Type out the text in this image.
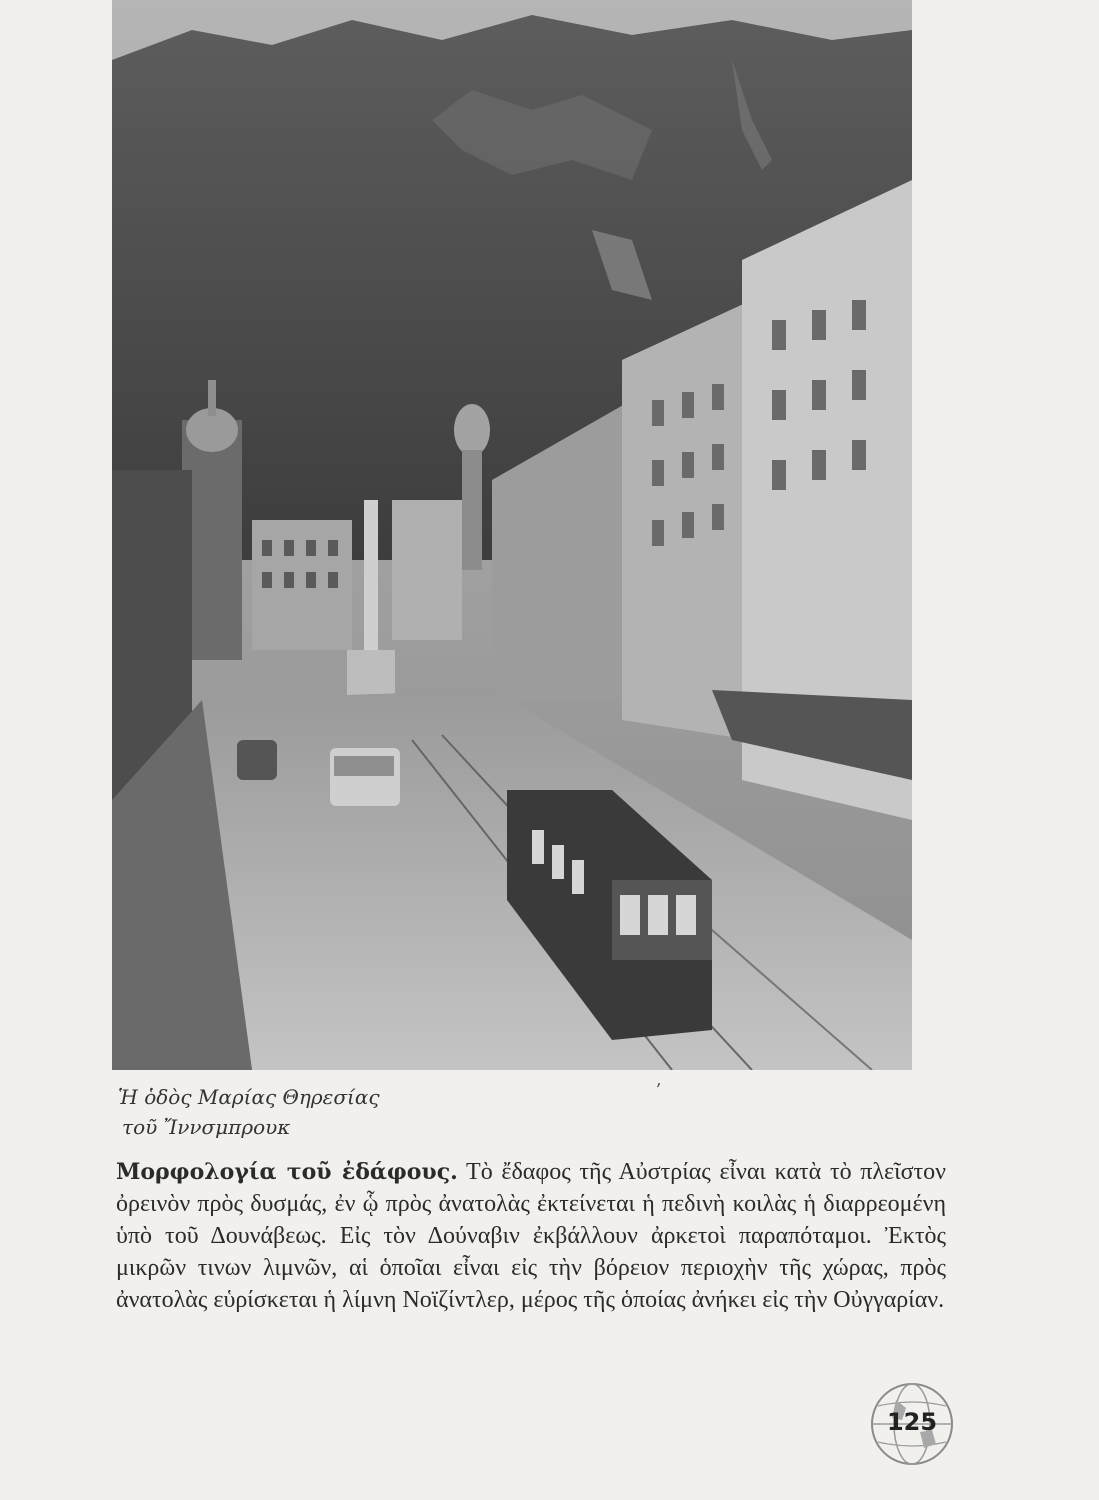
Ἡ ὁδὸς Μαρίας Θηρεσίας
τοῦ Ἴννσμπρουκ
ʼ
Μορφολογία τοῦ ἐδάφους. Τὸ ἔδαφος τῆς Αὐστρίας εἶναι κατὰ τὸ πλεῖστον ὀρεινὸν πρὸς δυσμάς, ἐν ᾧ πρὸς ἀνατολὰς ἐκτείνεται ἡ πεδινὴ κοιλὰς ἡ διαρρεομένη ὑπὸ τοῦ Δουνάβεως. Εἰς τὸν Δούναβιν ἐκβάλλουν ἀρκετοὶ παραπόταμοι. Ἐκτὸς μικρῶν τινων λιμνῶν, αἱ ὁποῖαι εἶναι εἰς τὴν βόρειον περιοχὴν τῆς χώρας, πρὸς ἀνατολὰς εὑρίσκεται ἡ λίμνη Νοϊζίντλερ, μέρος τῆς ὁποίας ἀνήκει εἰς τὴν Οὐγγαρίαν.
125
